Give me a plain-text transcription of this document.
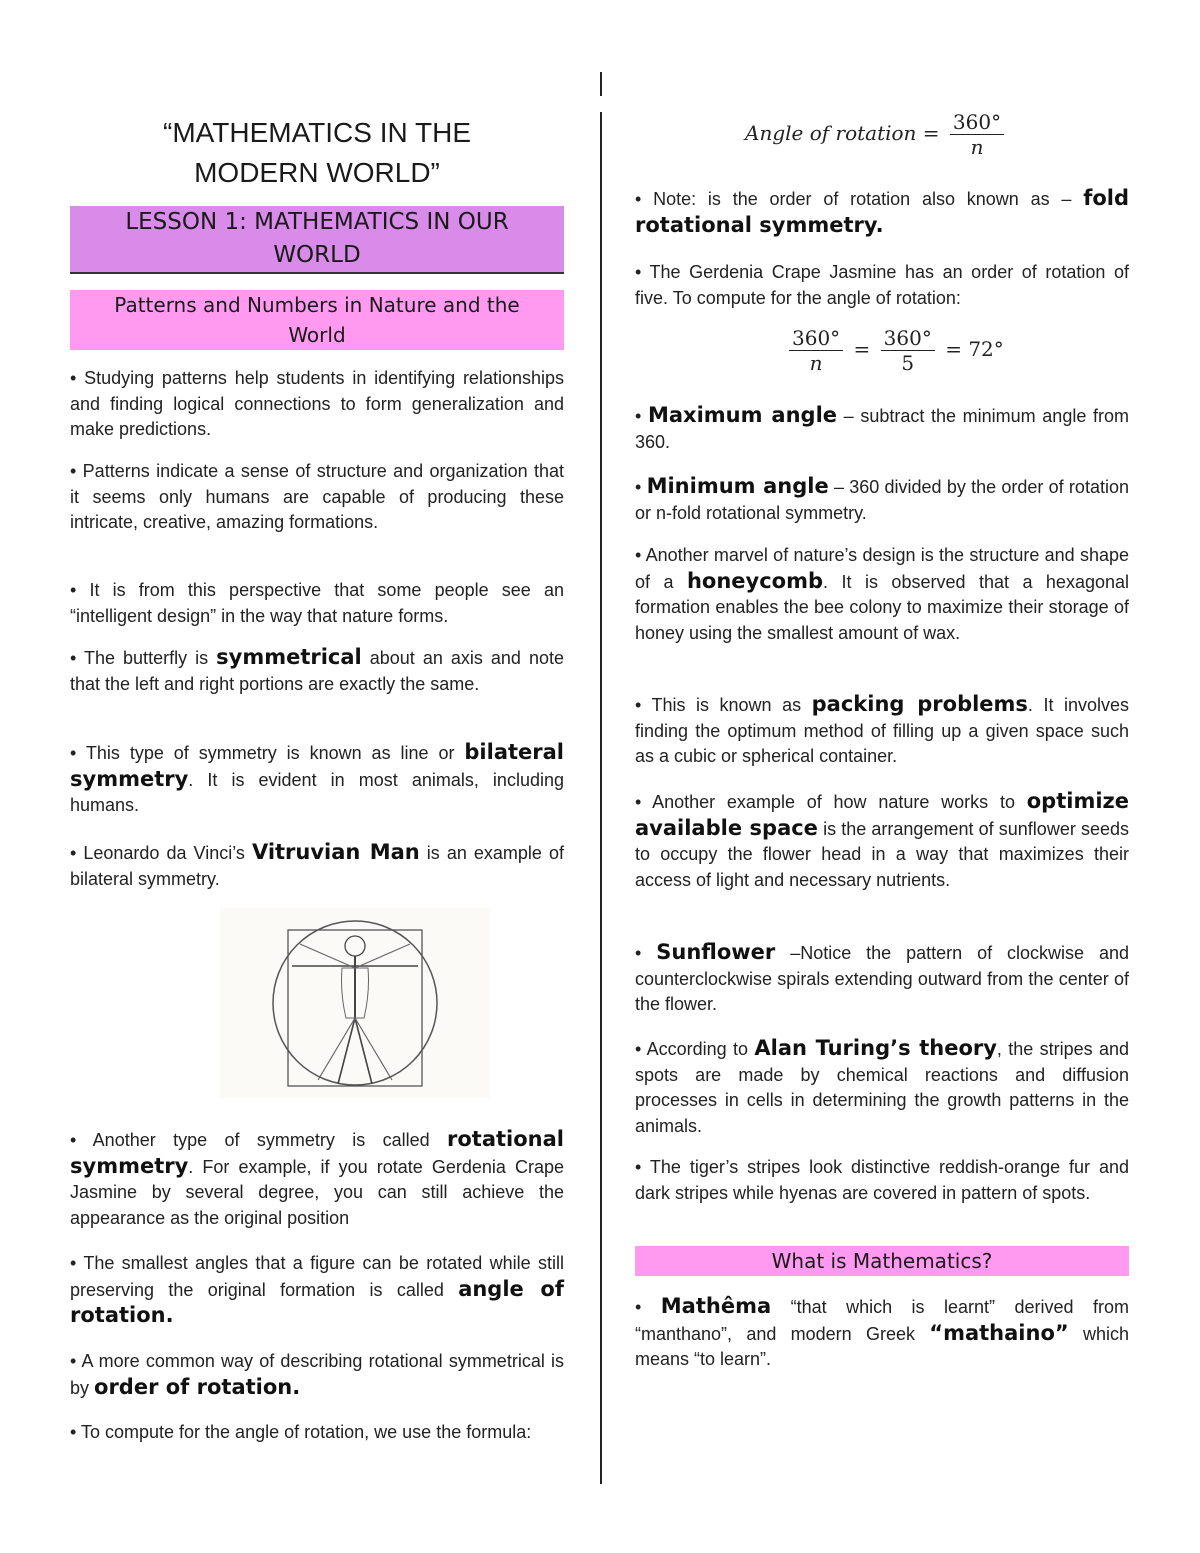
“MATHEMATICS IN THE
MODERN WORLD”
LESSON 1: MATHEMATICS IN OUR
WORLD
Patterns and Numbers in Nature and the
World

• Studying patterns help students in identifying relationships and finding logical connections to form generalization and make predictions.

• Patterns indicate a sense of structure and organization that it seems only humans are capable of producing these intricate, creative, amazing formations.

• It is from this perspective that some people see an “intelligent design” in the way that nature forms.

• The butterfly is symmetrical about an axis and note that the left and right portions are exactly the same.

• This type of symmetry is known as line or bilateral symmetry. It is evident in most animals, including humans.

• Leonardo da Vinci’s Vitruvian Man is an example of bilateral symmetry.

• Another type of symmetry is called rotational symmetry. For example, if you rotate Gerdenia Crape Jasmine by several degree, you can still achieve the appearance as the original position

• The smallest angles that a figure can be rotated while still preserving the original formation is called angle of rotation.

• A more common way of describing rotational symmetrical is by order of rotation.

• To compute for the angle of rotation, we use the formula:

Angle of rotation = $\frac{360^\circ}{n}$

• Note: is the order of rotation also known as – fold rotational symmetry.

• The Gerdenia Crape Jasmine has an order of rotation of five. To compute for the angle of rotation:

$\frac{360^\circ}{n} = \frac{360^\circ}{5} = 72^\circ$

• Maximum angle – subtract the minimum angle from 360.

• Minimum angle – 360 divided by the order of rotation or n-fold rotational symmetry.

• Another marvel of nature’s design is the structure and shape of a honeycomb. It is observed that a hexagonal formation enables the bee colony to maximize their storage of honey using the smallest amount of wax.

• This is known as packing problems. It involves finding the optimum method of filling up a given space such as a cubic or spherical container.

• Another example of how nature works to optimize available space is the arrangement of sunflower seeds to occupy the flower head in a way that maximizes their access of light and necessary nutrients.

• Sunflower –Notice the pattern of clockwise and counterclockwise spirals extending outward from the center of the flower.

• According to Alan Turing’s theory, the stripes and spots are made by chemical reactions and diffusion processes in cells in determining the growth patterns in the animals.

• The tiger’s stripes look distinctive reddish-orange fur and dark stripes while hyenas are covered in pattern of spots.

What is Mathematics?

• Mathêma “that which is learnt” derived from “manthano”, and modern Greek “mathaino” which means “to learn”.
